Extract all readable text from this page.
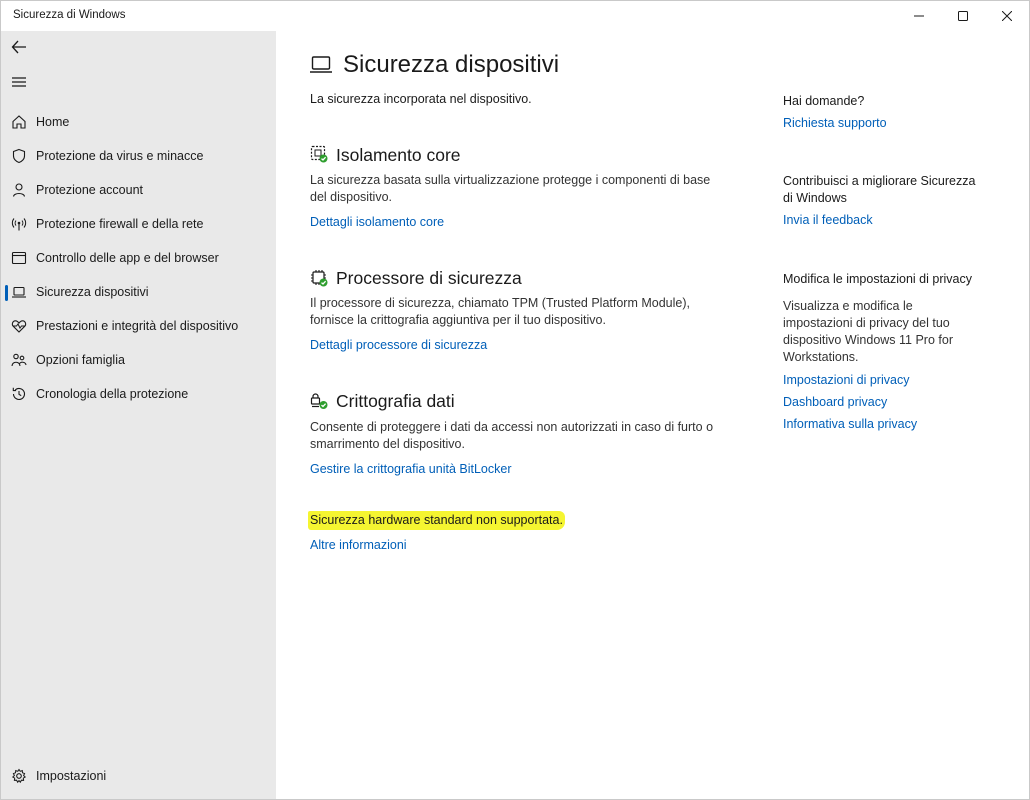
Sicurezza di Windows
Home
Protezione da virus e minacce
Protezione account
Protezione firewall e della rete
Controllo delle app e del browser
Sicurezza dispositivi
Prestazioni e integrità del dispositivo
Opzioni famiglia
Cronologia della protezione
Impostazioni
Sicurezza dispositivi
La sicurezza incorporata nel dispositivo.
Isolamento core
La sicurezza basata sulla virtualizzazione protegge i componenti di base del dispositivo.
Dettagli isolamento core
Processore di sicurezza
Il processore di sicurezza, chiamato TPM (Trusted Platform Module), fornisce la crittografia aggiuntiva per il tuo dispositivo.
Dettagli processore di sicurezza
Crittografia dati
Consente di proteggere i dati da accessi non autorizzati in caso di furto o smarrimento del dispositivo.
Gestire la crittografia unità BitLocker
Sicurezza hardware standard non supportata.
Altre informazioni
Hai domande?
Richiesta supporto
Contribuisci a migliorare Sicurezza di Windows
Invia il feedback
Modifica le impostazioni di privacy
Visualizza e modifica le impostazioni di privacy del tuo dispositivo Windows 11 Pro for Workstations.
Impostazioni di privacy
Dashboard privacy
Informativa sulla privacy
